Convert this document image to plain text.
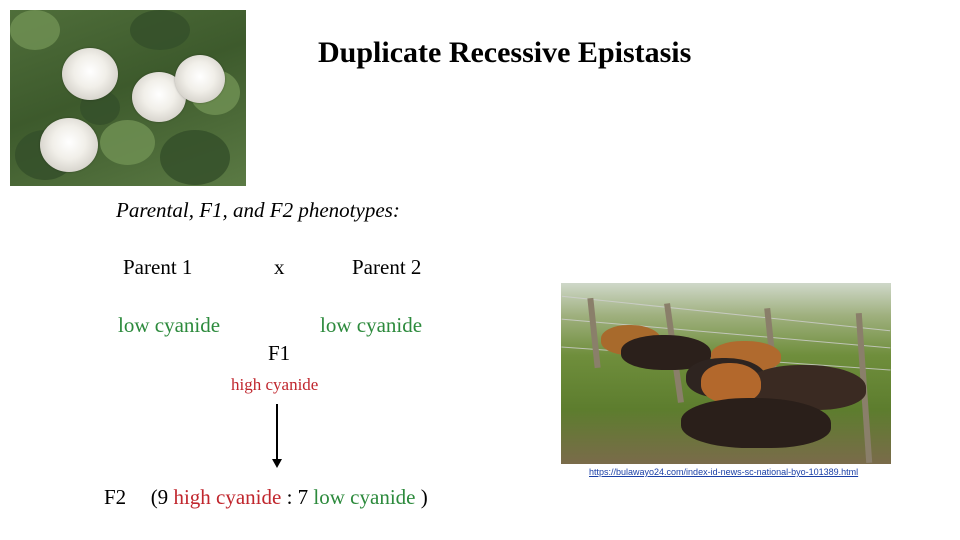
Duplicate Recessive Epistasis
Parental, F1, and F2 phenotypes:
Parent 1	x	Parent 2
low cyanide	low cyanide
F1
high cyanide
F2 (9 high cyanide : 7 low cyanide )
https://bulawayo24.com/index-id-news-sc-national-byo-101389.html
